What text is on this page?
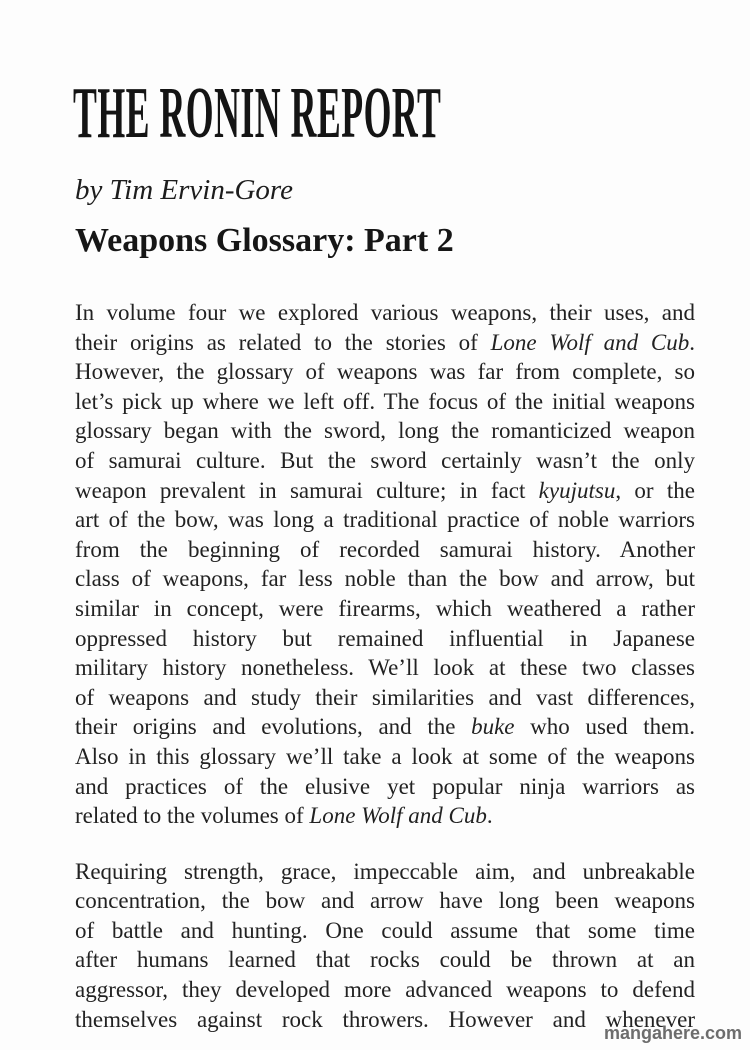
THE RONIN REPORT
by Tim Ervin-Gore
Weapons Glossary: Part 2
In volume four we explored various weapons, their uses, and
their origins as related to the stories of Lone Wolf and Cub.
However, the glossary of weapons was far from complete, so
let’s pick up where we left off. The focus of the initial weapons
glossary began with the sword, long the romanticized weapon
of samurai culture. But the sword certainly wasn’t the only
weapon prevalent in samurai culture; in fact kyujutsu, or the
art of the bow, was long a traditional practice of noble warriors
from the beginning of recorded samurai history. Another
class of weapons, far less noble than the bow and arrow, but
similar in concept, were firearms, which weathered a rather
oppressed history but remained influential in Japanese
military history nonetheless. We’ll look at these two classes
of weapons and study their similarities and vast differences,
their origins and evolutions, and the buke who used them.
Also in this glossary we’ll take a look at some of the weapons
and practices of the elusive yet popular ninja warriors as
related to the volumes of Lone Wolf and Cub.
Requiring strength, grace, impeccable aim, and unbreakable
concentration, the bow and arrow have long been weapons
of battle and hunting. One could assume that some time
after humans learned that rocks could be thrown at an
aggressor, they developed more advanced weapons to defend
themselves against rock throwers. However and whenever
mangahere.com
